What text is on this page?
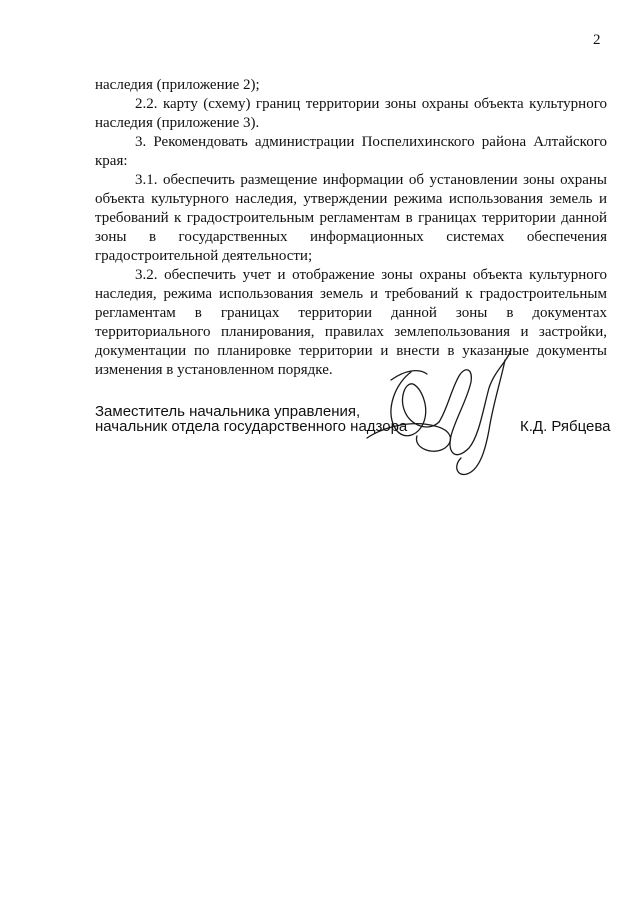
2

наследия (приложение 2);

2.2. карту (схему) границ территории зоны охраны объекта культурного наследия (приложение 3).

3. Рекомендовать администрации Поспелихинского района Алтайского края:

3.1. обеспечить размещение информации об установлении зоны охраны объекта культурного наследия, утверждении режима использования земель и требований к градостроительным регламентам в границах территории данной зоны в государственных информационных системах обеспечения градостроительной деятельности;

3.2. обеспечить учет и отображение зоны охраны объекта культурного наследия, режима использования земель и требований к градостроительным регламентам в границах территории данной зоны в документах территориального планирования, правилах землепользования и застройки, документации по планировке территории и внести в указанные документы изменения в установленном порядке.

Заместитель начальника управления,
начальник отдела государственного надзора	К.Д. Рябцева
